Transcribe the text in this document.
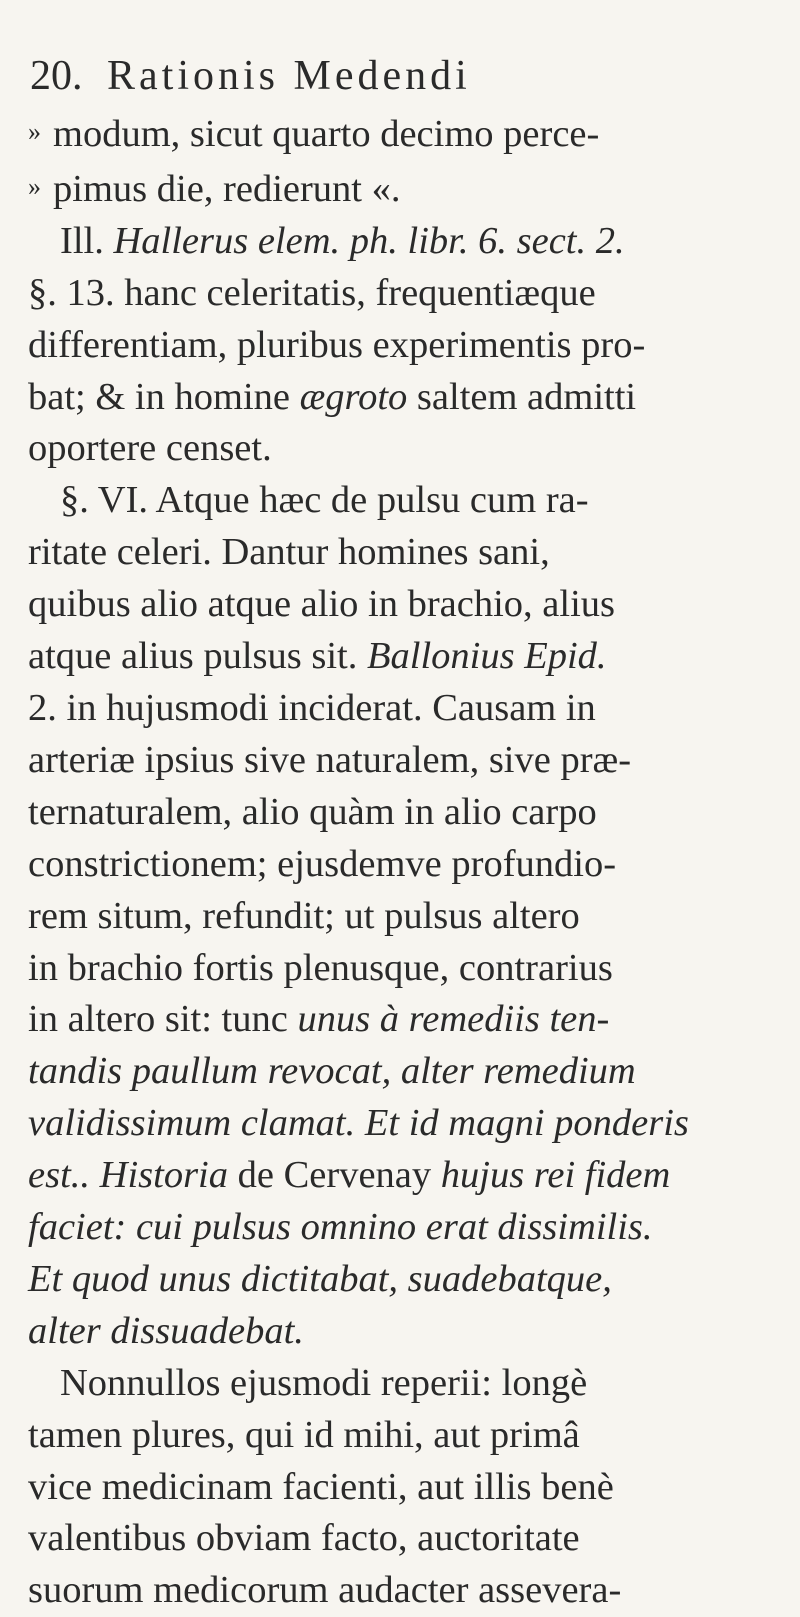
20. Rationis Medendi
» modum, sicut quarto decimo perce-
» pimus die, redierunt «.
Ill. Hallerus elem. ph. libr. 6. sect. 2.
§. 13. hanc celeritatis, frequentiæque
differentiam, pluribus experimentis pro-
bat; & in homine ægroto saltem admitti
oportere censet.
§. VI. Atque hæc de pulsu cum ra-
ritate celeri. Dantur homines sani,
quibus alio atque alio in brachio, alius
atque alius pulsus sit. Ballonius Epid.
2. in hujusmodi inciderat. Causam in
arteriæ ipsius sive naturalem, sive præ-
ternaturalem, alio quàm in alio carpo
constrictionem; ejusdemve profundio-
rem situm, refundit; ut pulsus altero
in brachio fortis plenusque, contrarius
in altero sit: tunc unus à remediis ten-
tandis paullum revocat, alter remedium
validissimum clamat. Et id magni ponderis
est.. Historia de Cervenay hujus rei fidem
faciet: cui pulsus omnino erat dissimilis.
Et quod unus dictitabat, suadebatque,
alter dissuadebat.
Nonnullos ejusmodi reperii: longè
tamen plures, qui id mihi, aut primâ
vice medicinam facienti, aut illis benè
valentibus obviam facto, auctoritate
suorum medicorum audacter assevera-
